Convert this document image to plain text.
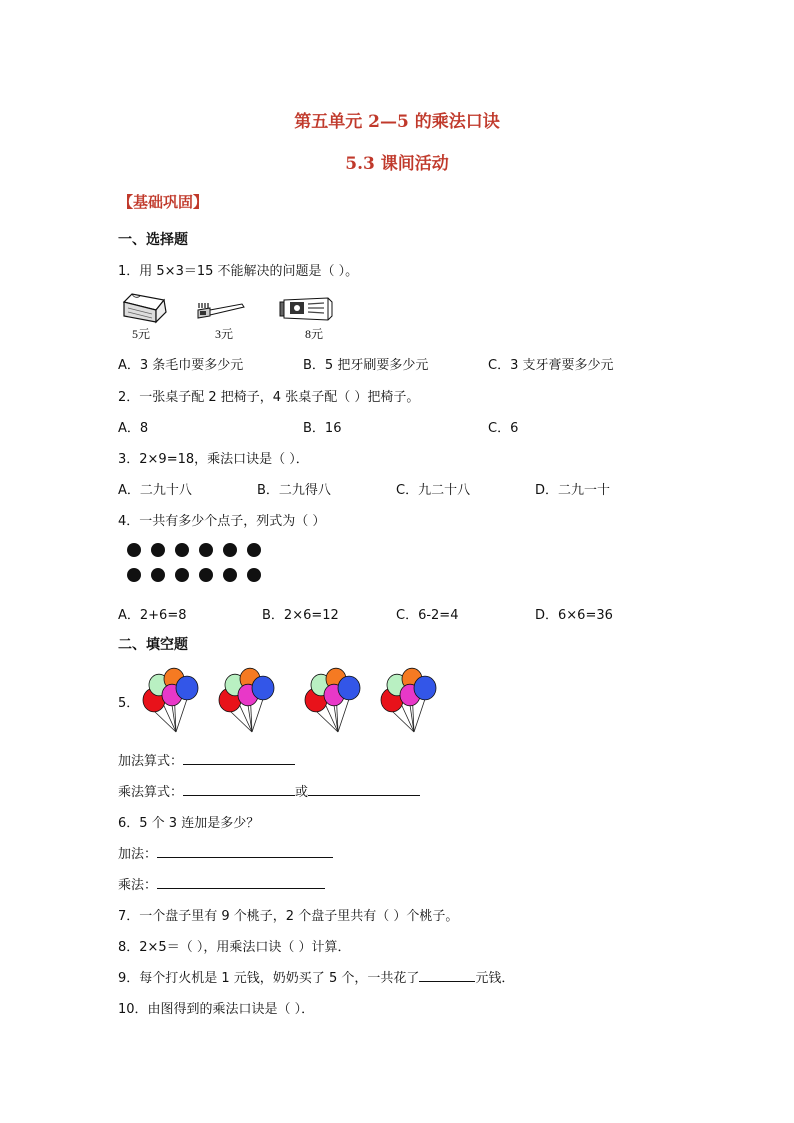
第五单元 2—5 的乘法口诀
5.3 课间活动
【基础巩固】
一、选择题
1．用 5×3＝15 不能解决的问题是（ ）。
5元	3元	8元
A．3 条毛巾要多少元	B．5 把牙刷要多少元	C．3 支牙膏要多少元
2．一张桌子配 2 把椅子，4 张桌子配（ ）把椅子。
A．8	B．16	C．6
3．2×9=18，乘法口诀是（ ）．
A．二九十八	B．二九得八	C．九二十八	D．二九一十
4．一共有多少个点子，列式为（ ）
A．2+6=8	B．2×6=12	C．6-2=4	D．6×6=36
二、填空题
5．
加法算式：
乘法算式：	或
6．5 个 3 连加是多少？
加法：
乘法：
7．一个盘子里有 9 个桃子，2 个盘子里共有（ ）个桃子。
8．2×5＝（ ），用乘法口诀（ ）计算．
9．每个打火机是 1 元钱，奶奶买了 5 个，一共花了	元钱．
10．由图得到的乘法口诀是（ ）．
